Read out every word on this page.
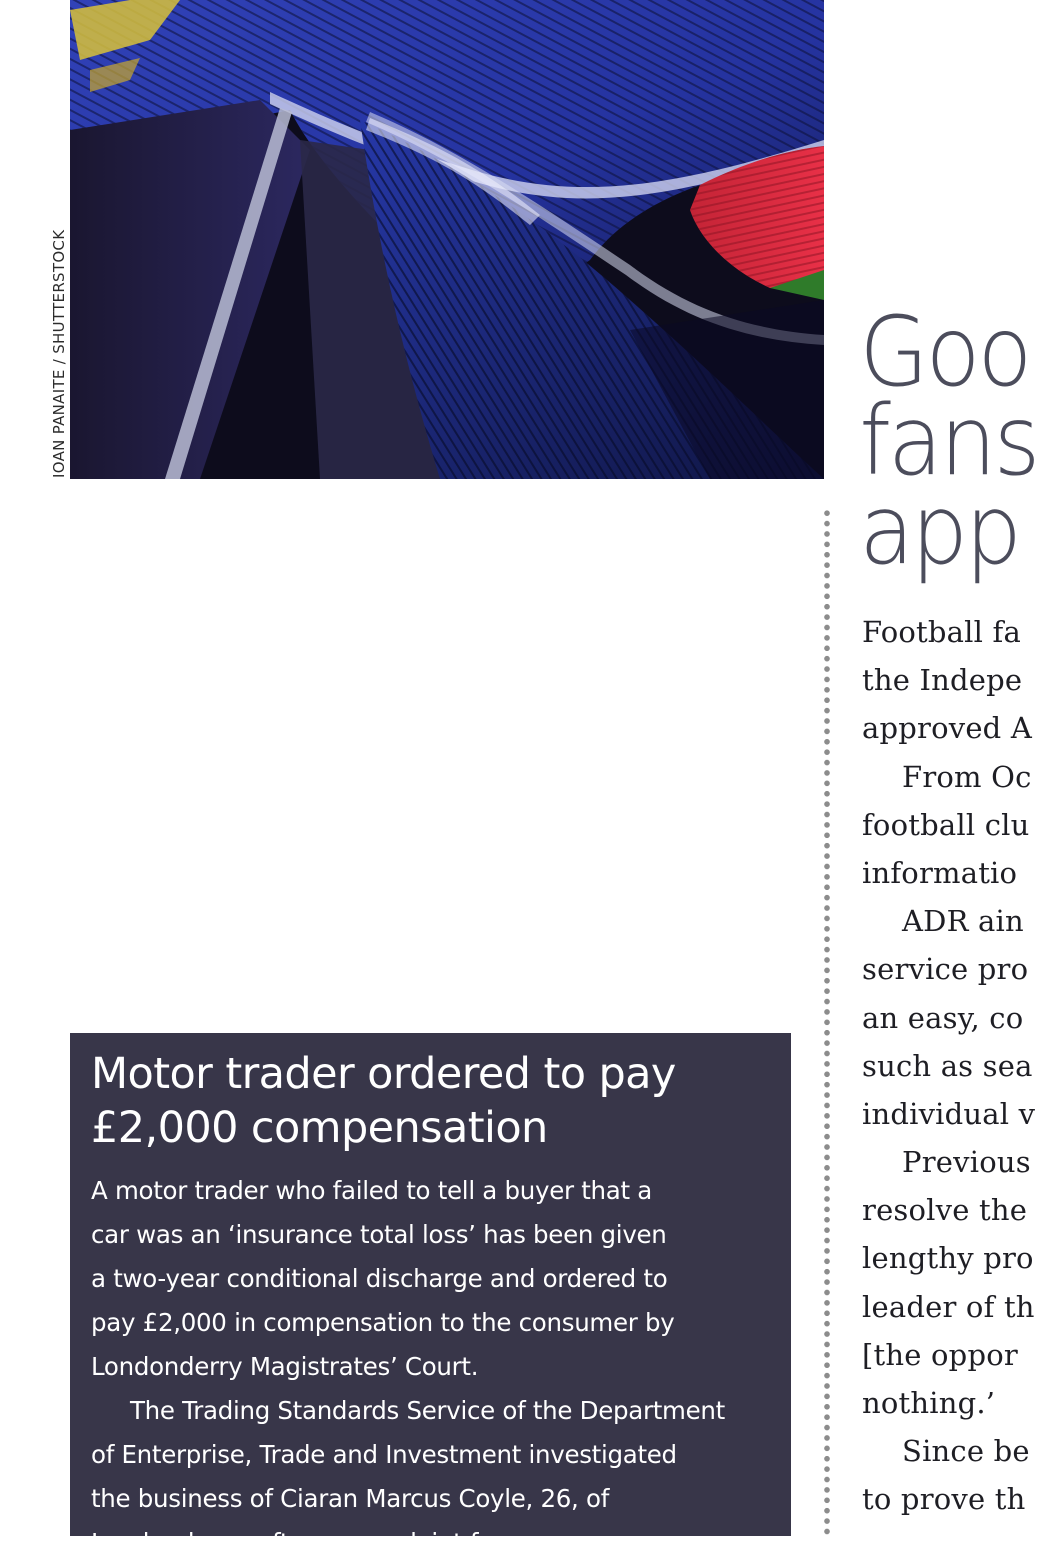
IOAN PANAITE / SHUTTERSTOCK	Goo
fans
app
Football fa
the Indepe
approved A
From Oc
football clu
informatio
ADR ain
service pro
an easy, co
such as sea
individual v
Previous
resolve the
lengthy pro
leader of th
[the oppor
nothing.’
Since be
to prove th
Motor trader ordered to pay £2,000 compensation
A motor trader who failed to tell a buyer that a
car was an ‘insurance total loss’ has been given
a two-year conditional discharge and ordered to
pay £2,000 in compensation to the consumer by
Londonderry Magistrates’ Court.
The Trading Standards Service of the Department
of Enterprise, Trade and Investment investigated
the business of Ciaran Marcus Coyle, 26, of
Londonderry, after a complaint from a consumer
